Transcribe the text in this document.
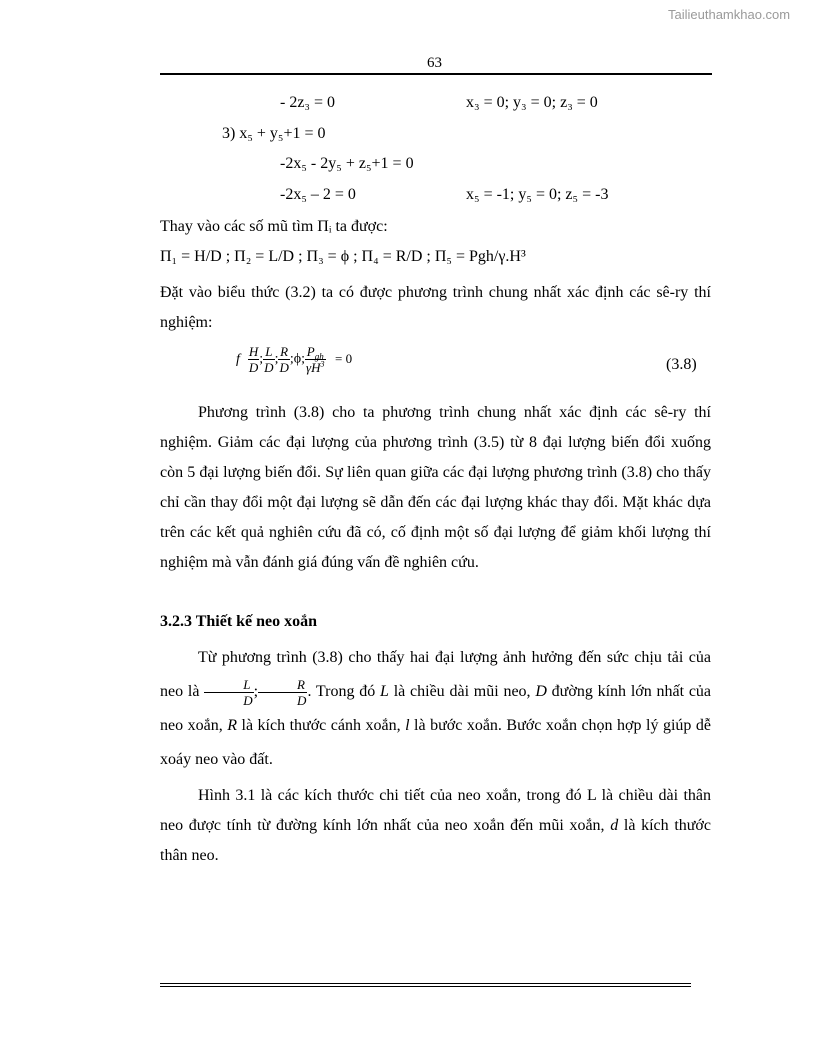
Tailieuthamkhao.com
63
- 2z₃ = 0	x₃ = 0; y₃ = 0; z₃ = 0
3) x₅ + y₅+1 = 0
-2x₅ - 2y₅ + z₅+1 = 0
-2x₅ – 2 = 0	x₅ = -1; y₅ = 0; z₅ = -3
Thay vào các số mũ tìm Πᵢ ta được:
Π₁ = H/D ; Π₂ = L/D ; Π₃ = ϕ ; Π₄ = R/D ; Π₅ = Pgh/γ.H³
Đặt vào biểu thức (3.2) ta có được phương trình chung nhất xác định các sê-ry thí nghiệm:
f $\frac{H}{D}$ ; $\frac{L}{D}$ ; $\frac{R}{D}$ ;ϕ; $\frac{P_{gh}}{\gamma H^3} = 0$	(3.8)
Phương trình (3.8) cho ta phương trình chung nhất xác định các sê-ry thí nghiệm. Giảm các đại lượng của phương trình (3.5) từ 8 đại lượng biến đổi xuống còn 5 đại lượng biến đổi. Sự liên quan giữa các đại lượng phương trình (3.8) cho thấy chỉ cần thay đổi một đại lượng sẽ dẫn đến các đại lượng khác thay đổi. Mặt khác dựa trên các kết quả nghiên cứu đã có, cố định một số đại lượng để giảm khối lượng thí nghiệm mà vẫn đánh giá đúng vấn đề nghiên cứu.
3.2.3 Thiết kế neo xoắn
Từ phương trình (3.8) cho thấy hai đại lượng ảnh hưởng đến sức chịu tải của neo là $\frac{L}{D}$ ; $\frac{R}{D}$ . Trong đó L là chiều dài mũi neo, D đường kính lớn nhất của neo xoắn, R là kích thước cánh xoắn, l là bước xoắn. Bước xoắn chọn hợp lý giúp dễ xoáy neo vào đất.
Hình 3.1 là các kích thước chi tiết của neo xoắn, trong đó L là chiều dài thân neo được tính từ đường kính lớn nhất của neo xoắn đến mũi xoắn, d là kích thước thân neo.
